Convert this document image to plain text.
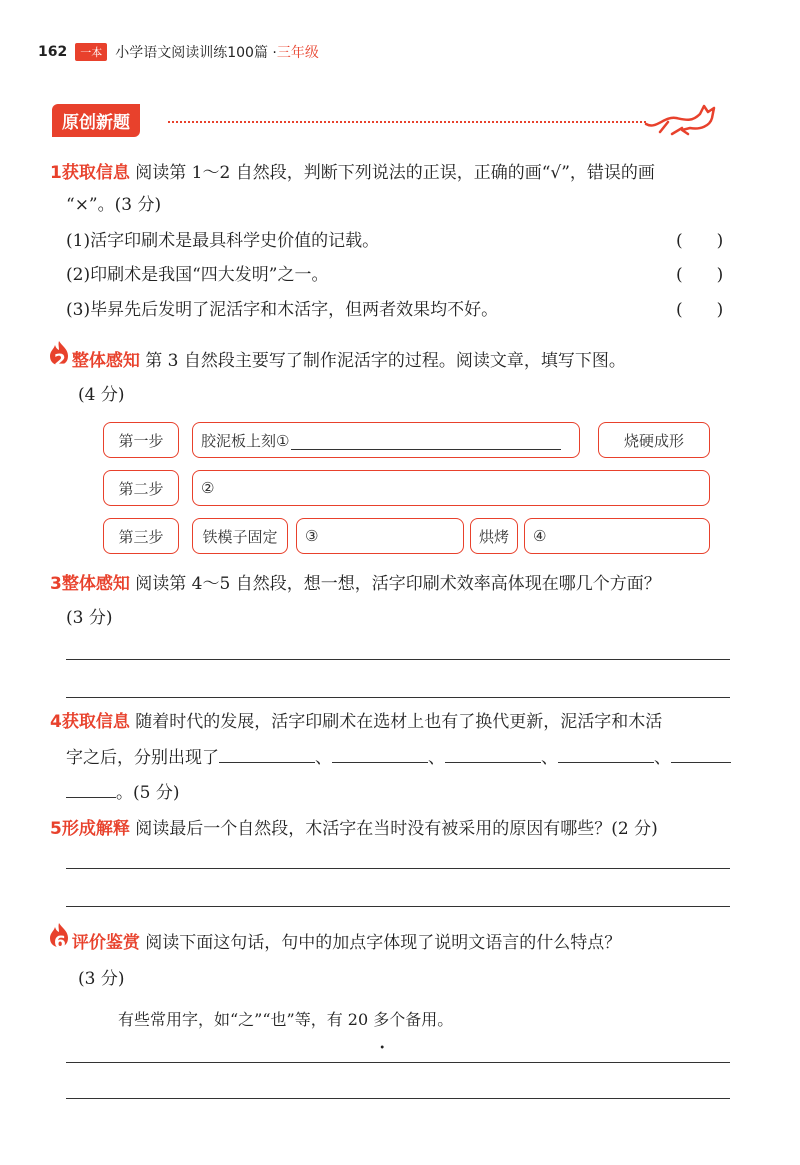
162	一本 小学语文阅读训练100篇 · 三年级
原创新题
1获取信息 阅读第 1～2 自然段，判断下列说法的正误，正确的画“√”，错误的画
“×”。(3 分)
(1)活字印刷术是最具科学史价值的记载。	(　　)
(2)印刷术是我国“四大发明”之一。	(　　)
(3)毕昇先后发明了泥活字和木活字，但两者效果均不好。	(　　)
2 整体感知 第 3 自然段主要写了制作泥活字的过程。阅读文章，填写下图。
(4 分)
第一步	胶泥板上刻①	烧硬成形
第二步	②
第三步	铁模子固定	③	烘烤	④
3整体感知 阅读第 4～5 自然段，想一想，活字印刷术效率高体现在哪几个方面？
(3 分)
4获取信息 随着时代的发展，活字印刷术在选材上也有了换代更新，泥活字和木活
字之后，分别出现了	、	、	、	、
。(5 分)
5形成解释 阅读最后一个自然段，木活字在当时没有被采用的原因有哪些？(2 分)
6 评价鉴赏 阅读下面这句话，句中的加点字体现了说明文语言的什么特点？
(3 分)
有些常用字，如“之”“也”等，有 20 多
•
个备用。
